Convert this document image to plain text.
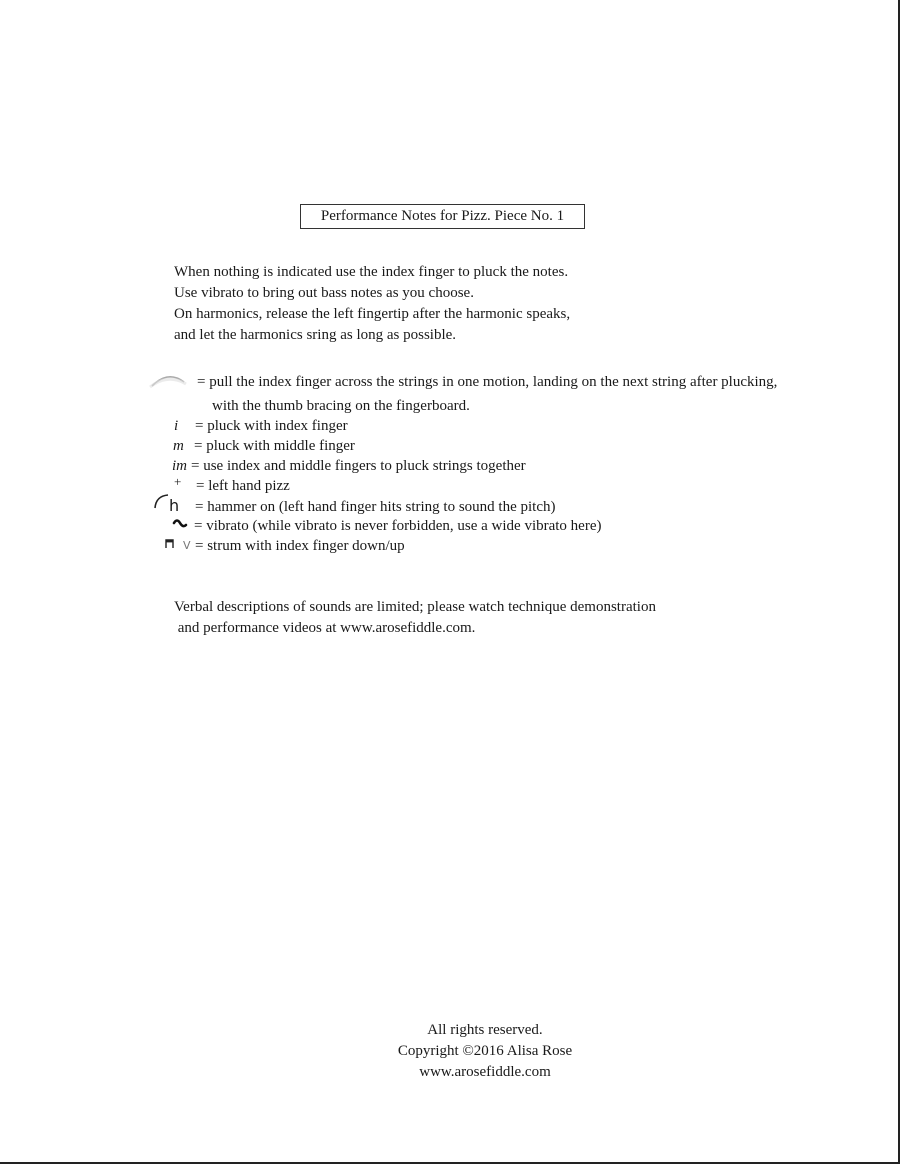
Performance Notes for Pizz. Piece No. 1
When nothing is indicated use the index finger to pluck the notes.
Use vibrato to bring out bass notes as you choose.
On harmonics, release the left fingertip after the harmonic speaks,
and let the harmonics sring as long as possible.
= pull the index finger across the strings in one motion, landing on the next string after plucking,
with the thumb bracing on the fingerboard.
i = pluck with index finger
m = pluck with middle finger
im = use index and middle fingers to pluck strings together
+ = left hand pizz
h = hammer on (left hand finger hits string to sound the pitch)
= vibrato (while vibrato is never forbidden, use a wide vibrato here)
V = strum with index finger down/up
Verbal descriptions of sounds are limited; please watch technique demonstration
and performance videos at www.arosefiddle.com.
All rights reserved.
Copyright ©2016 Alisa Rose
www.arosefiddle.com
